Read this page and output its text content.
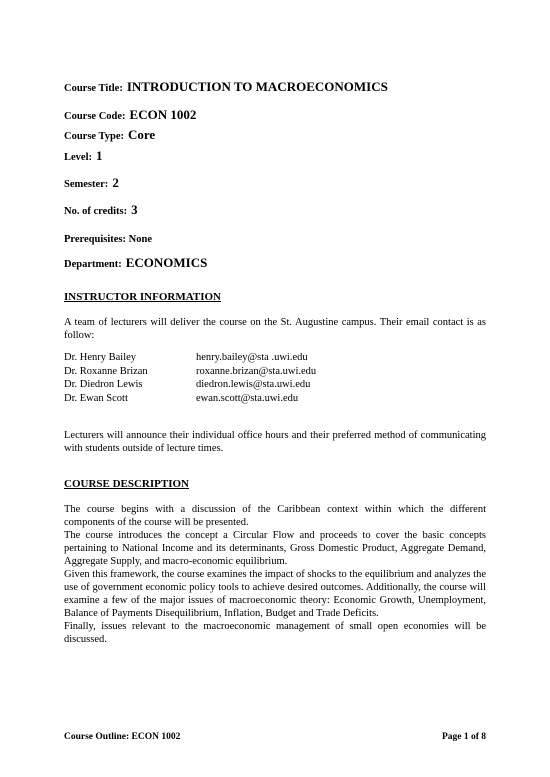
Course Title: INTRODUCTION TO MACROECONOMICS
Course Code: ECON 1002
Course Type: Core
Level: 1
Semester: 2
No. of credits: 3
Prerequisites: None
Department: ECONOMICS
INSTRUCTOR INFORMATION
A team of lecturers will deliver the course on the St. Augustine campus. Their email contact is as follow:
Dr. Henry Bailey	henry.bailey@sta .uwi.edu
Dr. Roxanne Brizan	roxanne.brizan@sta.uwi.edu
Dr. Diedron Lewis	diedron.lewis@sta.uwi.edu
Dr. Ewan Scott	ewan.scott@sta.uwi.edu
Lecturers will announce their individual office hours and their preferred method of communicating with students outside of lecture times.
COURSE DESCRIPTION

The course begins with a discussion of the Caribbean context within which the different components of the course will be presented.

The course introduces the concept a Circular Flow and proceeds to cover the basic concepts pertaining to National Income and its determinants, Gross Domestic Product, Aggregate Demand, Aggregate Supply, and macro-economic equilibrium.

Given this framework, the course examines the impact of shocks to the equilibrium and analyzes the use of government economic policy tools to achieve desired outcomes. Additionally, the course will examine a few of the major issues of macroeconomic theory: Economic Growth, Unemployment, Balance of Payments Disequilibrium, Inflation, Budget and Trade Deficits.

Finally, issues relevant to the macroeconomic management of small open economies will be discussed.

Course Outline: ECON 1002	Page 1 of 8
